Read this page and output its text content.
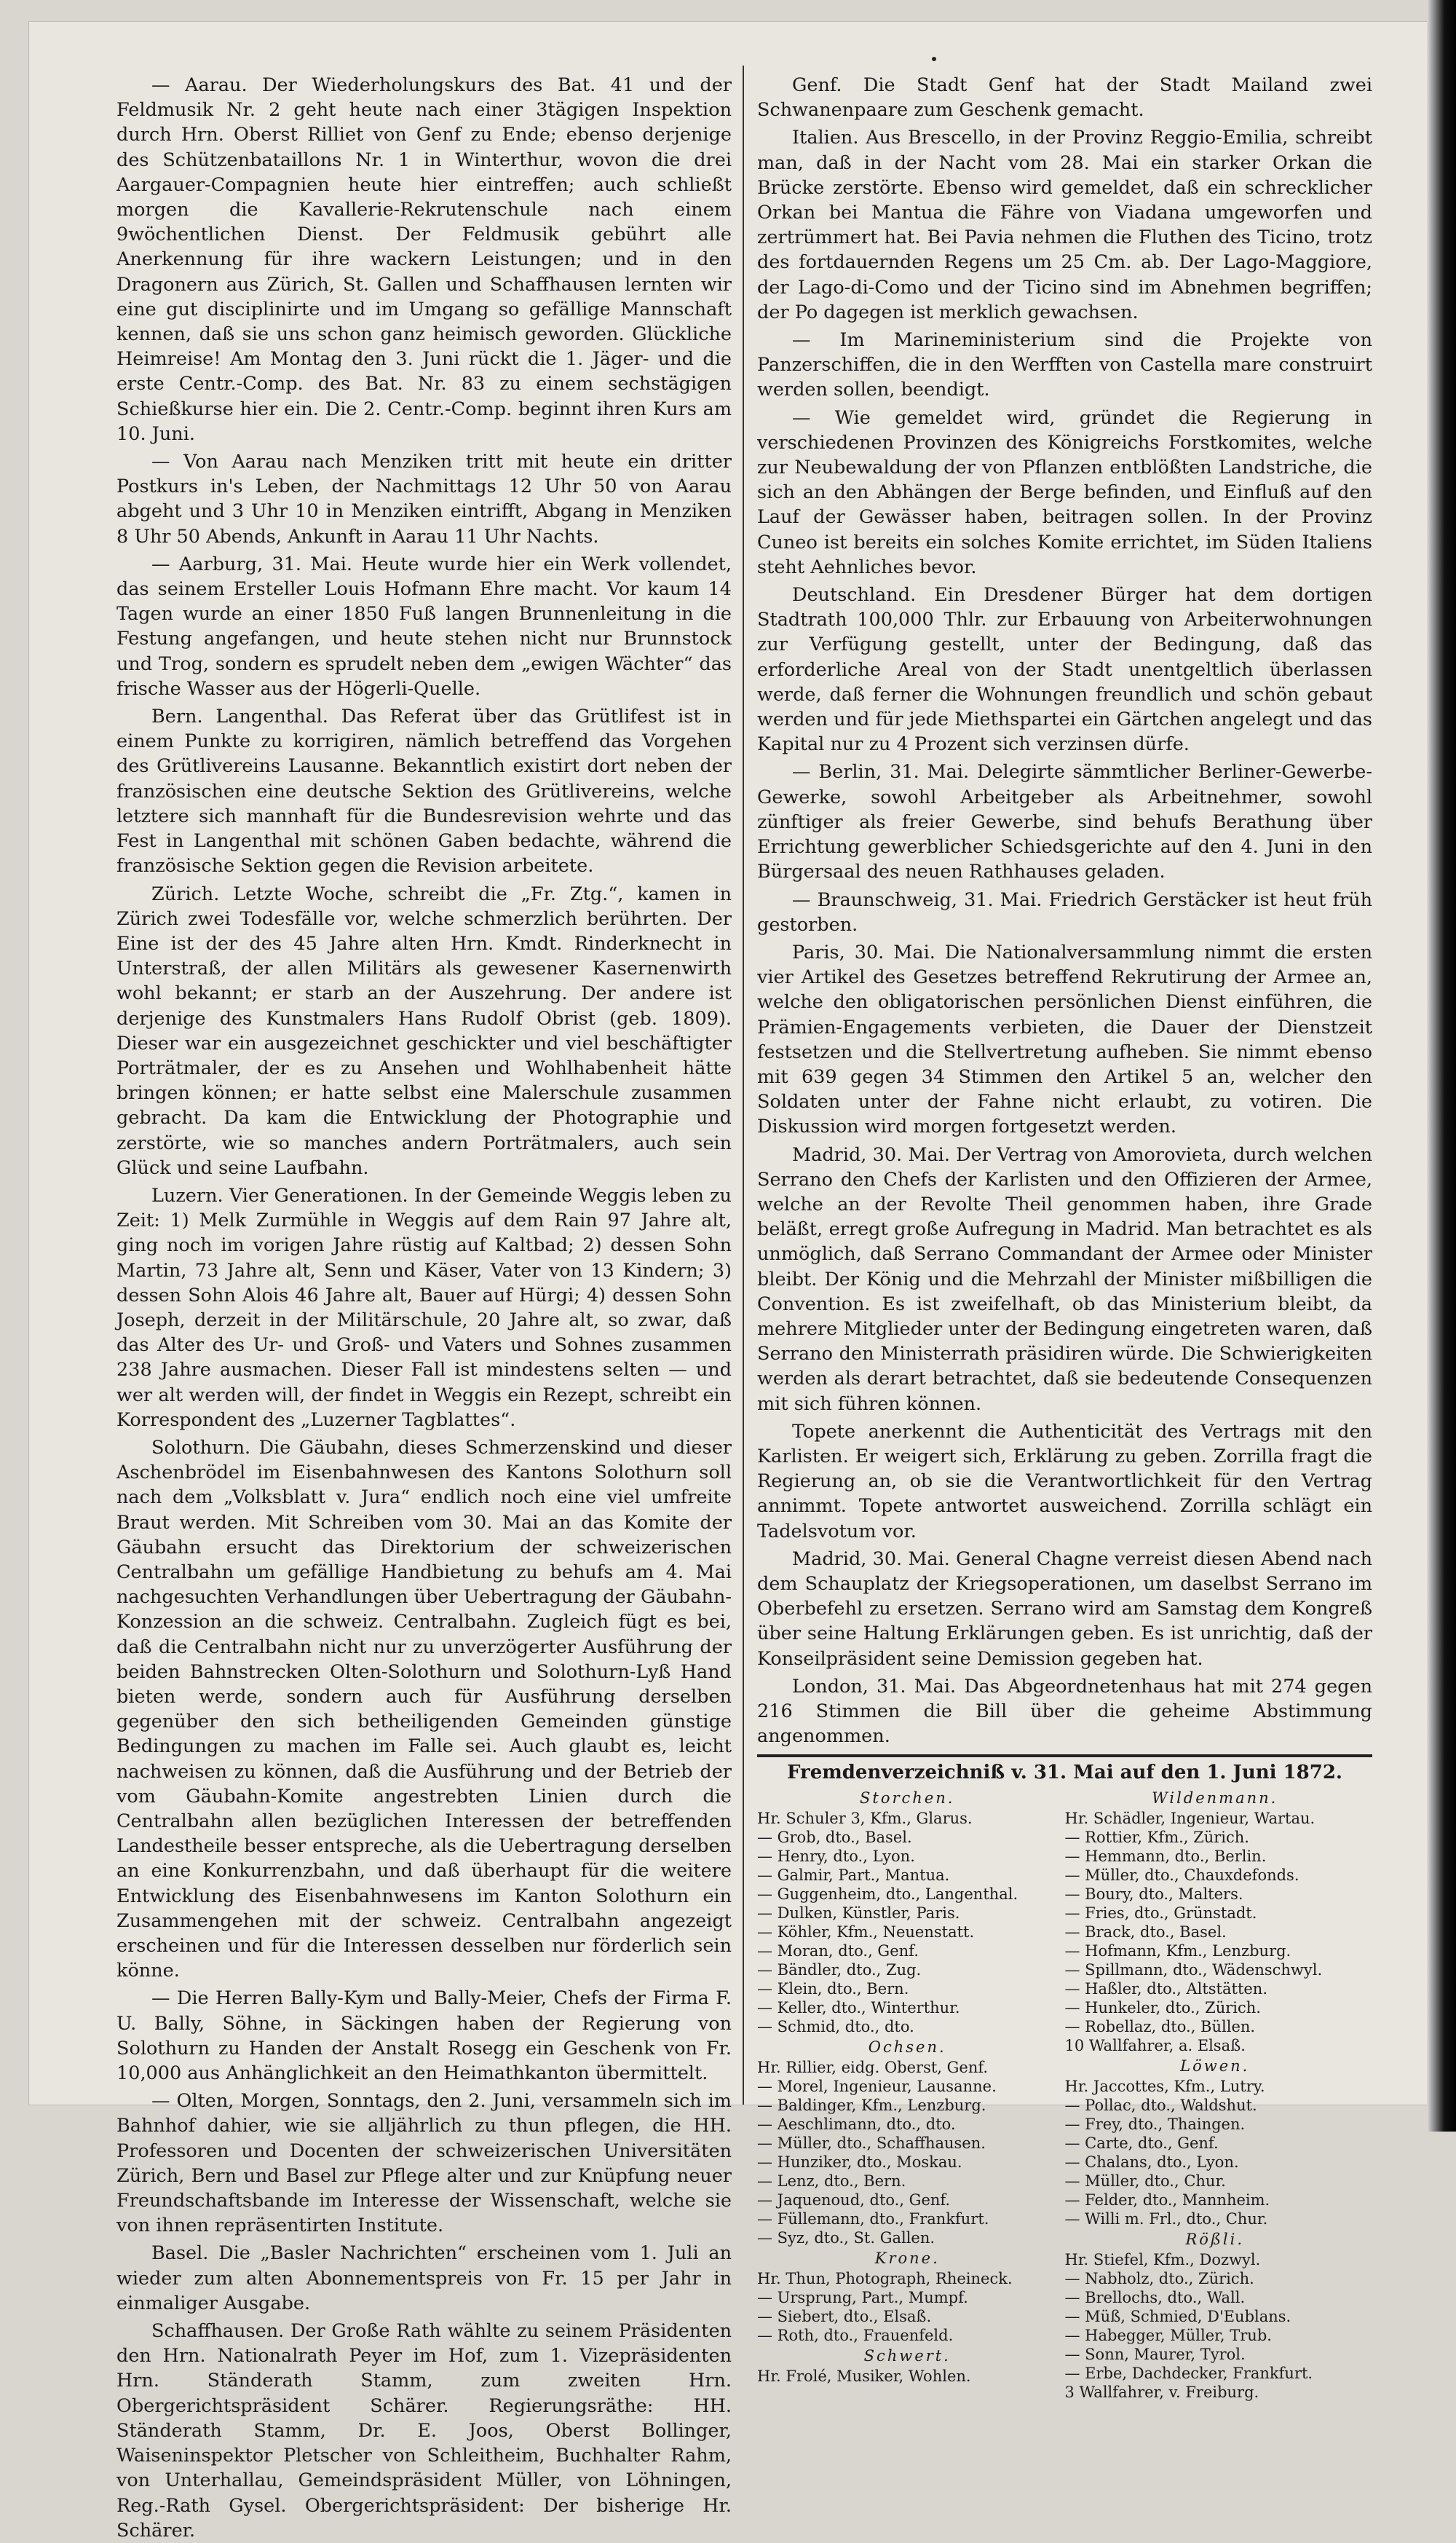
— Aarau. Der Wiederholungskurs des Bat. 41 und der Feldmusik Nr. 2 geht heute nach einer 3tägigen Inspektion durch Hrn. Oberst Rilliet von Genf zu Ende; ebenso derjenige des Schützenbataillons Nr. 1 in Winterthur, wovon die drei Aargauer-Compagnien heute hier eintreffen; auch schließt morgen die Kavallerie-Rekrutenschule nach einem 9wöchentlichen Dienst. Der Feldmusik gebührt alle Anerkennung für ihre wackern Leistungen; und in den Dragonern aus Zürich, St. Gallen und Schaffhausen lernten wir eine gut disciplinirte und im Umgang so gefällige Mannschaft kennen, daß sie uns schon ganz heimisch geworden. Glückliche Heimreise! Am Montag den 3. Juni rückt die 1. Jäger- und die erste Centr.-Comp. des Bat. Nr. 83 zu einem sechstägigen Schießkurse hier ein. Die 2. Centr.-Comp. beginnt ihren Kurs am 10. Juni.

— Von Aarau nach Menziken tritt mit heute ein dritter Postkurs in's Leben, der Nachmittags 12 Uhr 50 von Aarau abgeht und 3 Uhr 10 in Menziken eintrifft, Abgang in Menziken 8 Uhr 50 Abends, Ankunft in Aarau 11 Uhr Nachts.

— Aarburg, 31. Mai. Heute wurde hier ein Werk vollendet, das seinem Ersteller Louis Hofmann Ehre macht. Vor kaum 14 Tagen wurde an einer 1850 Fuß langen Brunnenleitung in die Festung angefangen, und heute stehen nicht nur Brunnstock und Trog, sondern es sprudelt neben dem „ewigen Wächter“ das frische Wasser aus der Högerli-Quelle.

Bern. Langenthal. Das Referat über das Grütlifest ist in einem Punkte zu korrigiren, nämlich betreffend das Vorgehen des Grütlivereins Lausanne. Bekanntlich existirt dort neben der französischen eine deutsche Sektion des Grütlivereins, welche letztere sich mannhaft für die Bundesrevision wehrte und das Fest in Langenthal mit schönen Gaben bedachte, während die französische Sektion gegen die Revision arbeitete.

Zürich. Letzte Woche, schreibt die „Fr. Ztg.“, kamen in Zürich zwei Todesfälle vor, welche schmerzlich berührten. Der Eine ist der des 45 Jahre alten Hrn. Kmdt. Rinderknecht in Unterstraß, der allen Militärs als gewesener Kasernenwirth wohl bekannt; er starb an der Auszehrung. Der andere ist derjenige des Kunstmalers Hans Rudolf Obrist (geb. 1809). Dieser war ein ausgezeichnet geschickter und viel beschäftigter Porträtmaler, der es zu Ansehen und Wohlhabenheit hätte bringen können; er hatte selbst eine Malerschule zusammen gebracht. Da kam die Entwicklung der Photographie und zerstörte, wie so manches andern Porträtmalers, auch sein Glück und seine Laufbahn.

Luzern. Vier Generationen. In der Gemeinde Weggis leben zu Zeit: 1) Melk Zurmühle in Weggis auf dem Rain 97 Jahre alt, ging noch im vorigen Jahre rüstig auf Kaltbad; 2) dessen Sohn Martin, 73 Jahre alt, Senn und Käser, Vater von 13 Kindern; 3) dessen Sohn Alois 46 Jahre alt, Bauer auf Hürgi; 4) dessen Sohn Joseph, derzeit in der Militärschule, 20 Jahre alt, so zwar, daß das Alter des Ur- und Groß- und Vaters und Sohnes zusammen 238 Jahre ausmachen. Dieser Fall ist mindestens selten — und wer alt werden will, der findet in Weggis ein Rezept, schreibt ein Korrespondent des „Luzerner Tagblattes“.

Solothurn. Die Gäubahn, dieses Schmerzenskind und dieser Aschenbrödel im Eisenbahnwesen des Kantons Solothurn soll nach dem „Volksblatt v. Jura“ endlich noch eine viel umfreite Braut werden. Mit Schreiben vom 30. Mai an das Komite der Gäubahn ersucht das Direktorium der schweizerischen Centralbahn um gefällige Handbietung zu behufs am 4. Mai nachgesuchten Verhandlungen über Uebertragung der Gäubahn-Konzession an die schweiz. Centralbahn. Zugleich fügt es bei, daß die Centralbahn nicht nur zu unverzögerter Ausführung der beiden Bahnstrecken Olten-Solothurn und Solothurn-Lyß Hand bieten werde, sondern auch für Ausführung derselben gegenüber den sich betheiligenden Gemeinden günstige Bedingungen zu machen im Falle sei. Auch glaubt es, leicht nachweisen zu können, daß die Ausführung und der Betrieb der vom Gäubahn-Komite angestrebten Linien durch die Centralbahn allen bezüglichen Interessen der betreffenden Landestheile besser entspreche, als die Uebertragung derselben an eine Konkurrenzbahn, und daß überhaupt für die weitere Entwicklung des Eisenbahnwesens im Kanton Solothurn ein Zusammengehen mit der schweiz. Centralbahn angezeigt erscheinen und für die Interessen desselben nur förderlich sein könne.

— Die Herren Bally-Kym und Bally-Meier, Chefs der Firma F. U. Bally, Söhne, in Säckingen haben der Regierung von Solothurn zu Handen der Anstalt Rosegg ein Geschenk von Fr. 10,000 aus Anhänglichkeit an den Heimathkanton übermittelt.

— Olten, Morgen, Sonntags, den 2. Juni, versammeln sich im Bahnhof dahier, wie sie alljährlich zu thun pflegen, die HH. Professoren und Docenten der schweizerischen Universitäten Zürich, Bern und Basel zur Pflege alter und zur Knüpfung neuer Freundschaftsbande im Interesse der Wissenschaft, welche sie von ihnen repräsentirten Institute.

Basel. Die „Basler Nachrichten“ erscheinen vom 1. Juli an wieder zum alten Abonnementspreis von Fr. 15 per Jahr in einmaliger Ausgabe.

Schaffhausen. Der Große Rath wählte zu seinem Präsidenten den Hrn. Nationalrath Peyer im Hof, zum 1. Vizepräsidenten Hrn. Ständerath Stamm, zum zweiten Hrn. Obergerichtspräsident Schärer. Regierungsräthe: HH. Ständerath Stamm, Dr. E. Joos, Oberst Bollinger, Waiseninspektor Pletscher von Schleitheim, Buchhalter Rahm, von Unterhallau, Gemeindspräsident Müller, von Löhningen, Reg.-Rath Gysel. Obergerichtspräsident: Der bisherige Hr. Schärer.

Genf. Die Stadt Genf hat der Stadt Mailand zwei Schwanenpaare zum Geschenk gemacht.

Italien. Aus Brescello, in der Provinz Reggio-Emilia, schreibt man, daß in der Nacht vom 28. Mai ein starker Orkan die Brücke zerstörte. Ebenso wird gemeldet, daß ein schrecklicher Orkan bei Mantua die Fähre von Viadana umgeworfen und zertrümmert hat. Bei Pavia nehmen die Fluthen des Ticino, trotz des fortdauernden Regens um 25 Cm. ab. Der Lago-Maggiore, der Lago-di-Como und der Ticino sind im Abnehmen begriffen; der Po dagegen ist merklich gewachsen.

— Im Marineministerium sind die Projekte von Panzerschiffen, die in den Werfften von Castella mare construirt werden sollen, beendigt.

— Wie gemeldet wird, gründet die Regierung in verschiedenen Provinzen des Königreichs Forstkomites, welche zur Neubewaldung der von Pflanzen entblößten Landstriche, die sich an den Abhängen der Berge befinden, und Einfluß auf den Lauf der Gewässer haben, beitragen sollen. In der Provinz Cuneo ist bereits ein solches Komite errichtet, im Süden Italiens steht Aehnliches bevor.

Deutschland. Ein Dresdener Bürger hat dem dortigen Stadtrath 100,000 Thlr. zur Erbauung von Arbeiterwohnungen zur Verfügung gestellt, unter der Bedingung, daß das erforderliche Areal von der Stadt unentgeltlich überlassen werde, daß ferner die Wohnungen freundlich und schön gebaut werden und für jede Miethspartei ein Gärtchen angelegt und das Kapital nur zu 4 Prozent sich verzinsen dürfe.

— Berlin, 31. Mai. Delegirte sämmtlicher Berliner-Gewerbe-Gewerke, sowohl Arbeitgeber als Arbeitnehmer, sowohl zünftiger als freier Gewerbe, sind behufs Berathung über Errichtung gewerblicher Schiedsgerichte auf den 4. Juni in den Bürgersaal des neuen Rathhauses geladen.

— Braunschweig, 31. Mai. Friedrich Gerstäcker ist heut früh gestorben.

Paris, 30. Mai. Die Nationalversammlung nimmt die ersten vier Artikel des Gesetzes betreffend Rekrutirung der Armee an, welche den obligatorischen persönlichen Dienst einführen, die Prämien-Engagements verbieten, die Dauer der Dienstzeit festsetzen und die Stellvertretung aufheben. Sie nimmt ebenso mit 639 gegen 34 Stimmen den Artikel 5 an, welcher den Soldaten unter der Fahne nicht erlaubt, zu votiren. Die Diskussion wird morgen fortgesetzt werden.

Madrid, 30. Mai. Der Vertrag von Amorovieta, durch welchen Serrano den Chefs der Karlisten und den Offizieren der Armee, welche an der Revolte Theil genommen haben, ihre Grade beläßt, erregt große Aufregung in Madrid. Man betrachtet es als unmöglich, daß Serrano Commandant der Armee oder Minister bleibt. Der König und die Mehrzahl der Minister mißbilligen die Convention. Es ist zweifelhaft, ob das Ministerium bleibt, da mehrere Mitglieder unter der Bedingung eingetreten waren, daß Serrano den Ministerrath präsidiren würde. Die Schwierigkeiten werden als derart betrachtet, daß sie bedeutende Consequenzen mit sich führen können.

Topete anerkennt die Authenticität des Vertrags mit den Karlisten. Er weigert sich, Erklärung zu geben. Zorrilla fragt die Regierung an, ob sie die Verantwortlichkeit für den Vertrag annimmt. Topete antwortet ausweichend. Zorrilla schlägt ein Tadelsvotum vor.

Madrid, 30. Mai. General Chagne verreist diesen Abend nach dem Schauplatz der Kriegsoperationen, um daselbst Serrano im Oberbefehl zu ersetzen. Serrano wird am Samstag dem Kongreß über seine Haltung Erklärungen geben. Es ist unrichtig, daß der Konseilpräsident seine Demission gegeben hat.

London, 31. Mai. Das Abgeordnetenhaus hat mit 274 gegen 216 Stimmen die Bill über die geheime Abstimmung angenommen.

Fremdenverzeichniß v. 31. Mai auf den 1. Juni 1872.
Storchen.
Hr. Schuler 3, Kfm., Glarus.
— Grob, dto., Basel.
— Henry, dto., Lyon.
— Galmir, Part., Mantua.
— Guggenheim, dto., Langenthal.
— Dulken, Künstler, Paris.
— Köhler, Kfm., Neuenstatt.
— Moran, dto., Genf.
— Bändler, dto., Zug.
— Klein, dto., Bern.
— Keller, dto., Winterthur.
— Schmid, dto., dto.
Ochsen.
Hr. Rillier, eidg. Oberst, Genf.
— Morel, Ingenieur, Lausanne.
— Baldinger, Kfm., Lenzburg.
— Aeschlimann, dto., dto.
— Müller, dto., Schaffhausen.
— Hunziker, dto., Moskau.
— Lenz, dto., Bern.
— Jaquenoud, dto., Genf.
— Füllemann, dto., Frankfurt.
— Syz, dto., St. Gallen.
Krone.
Hr. Thun, Photograph, Rheineck.
— Ursprung, Part., Mumpf.
— Siebert, dto., Elsaß.
— Roth, dto., Frauenfeld.
Schwert.
Hr. Frolé, Musiker, Wohlen.
Wildenmann.
Hr. Schädler, Ingenieur, Wartau.
— Rottier, Kfm., Zürich.
— Hemmann, dto., Berlin.
— Müller, dto., Chauxdefonds.
— Boury, dto., Malters.
— Fries, dto., Grünstadt.
— Brack, dto., Basel.
— Hofmann, Kfm., Lenzburg.
— Spillmann, dto., Wädenschwyl.
— Haßler, dto., Altstätten.
— Hunkeler, dto., Zürich.
— Robellaz, dto., Büllen.
10 Wallfahrer, a. Elsaß.
Löwen.
Hr. Jaccottes, Kfm., Lutry.
— Pollac, dto., Waldshut.
— Frey, dto., Thaingen.
— Carte, dto., Genf.
— Chalans, dto., Lyon.
— Müller, dto., Chur.
— Felder, dto., Mannheim.
— Willi m. Frl., dto., Chur.
Rößli.
Hr. Stiefel, Kfm., Dozwyl.
— Nabholz, dto., Zürich.
— Brellochs, dto., Wall.
— Müß, Schmied, D'Eublans.
— Habegger, Müller, Trub.
— Sonn, Maurer, Tyrol.
— Erbe, Dachdecker, Frankfurt.
3 Wallfahrer, v. Freiburg.
